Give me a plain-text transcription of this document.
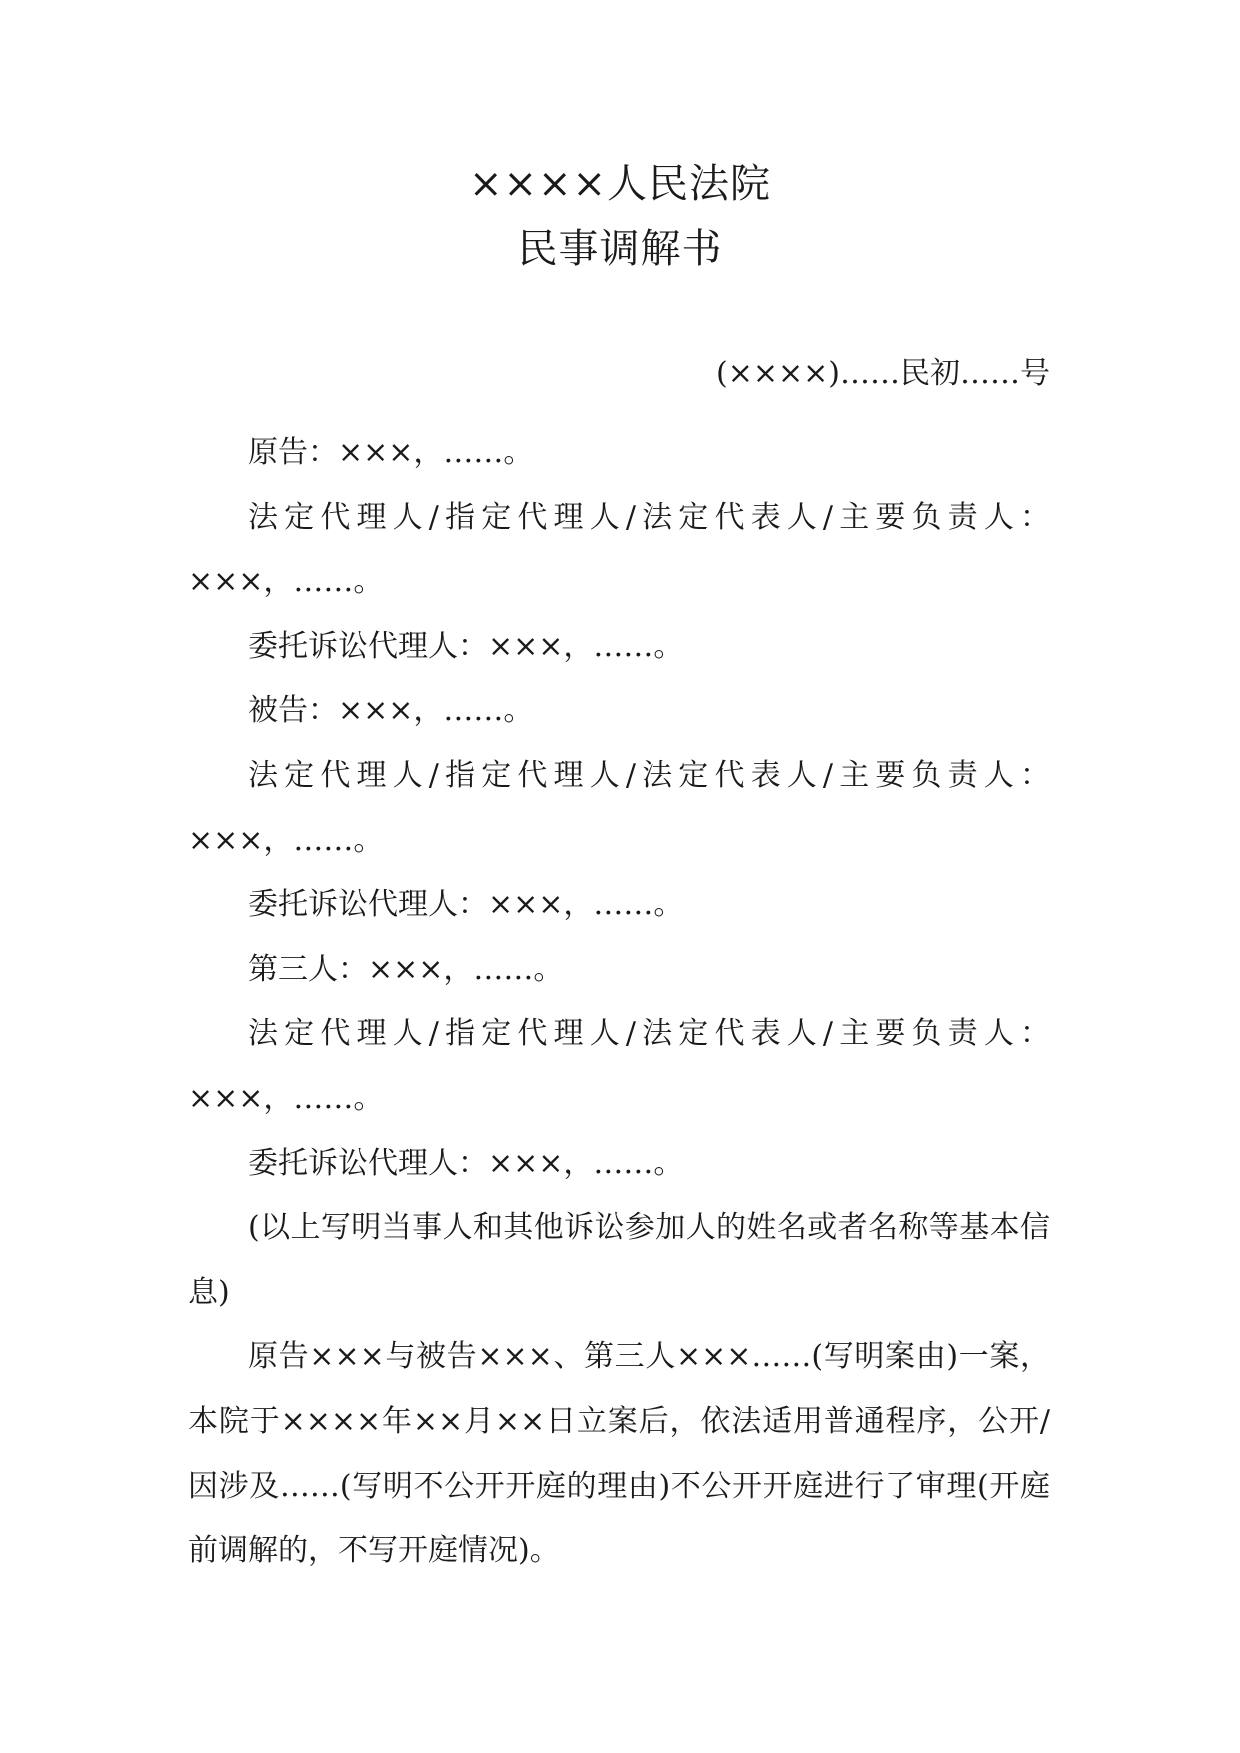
××××人民法院
民事调解书
(××××)……民初……号

原告：×××，……。

法定代理人/指定代理人/法定代表人/主要负责人：×××，……。

委托诉讼代理人：×××，……。

被告：×××，……。

法定代理人/指定代理人/法定代表人/主要负责人：×××，……。

委托诉讼代理人：×××，……。

第三人：×××，……。

法定代理人/指定代理人/法定代表人/主要负责人：×××，……。

委托诉讼代理人：×××，……。

(以上写明当事人和其他诉讼参加人的姓名或者名称等基本信息)

原告×××与被告×××、第三人×××……(写明案由)一案，本院于××××年××月××日立案后，依法适用普通程序，公开/因涉及……(写明不公开开庭的理由)不公开开庭进行了审理(开庭前调解的，不写开庭情况)。
